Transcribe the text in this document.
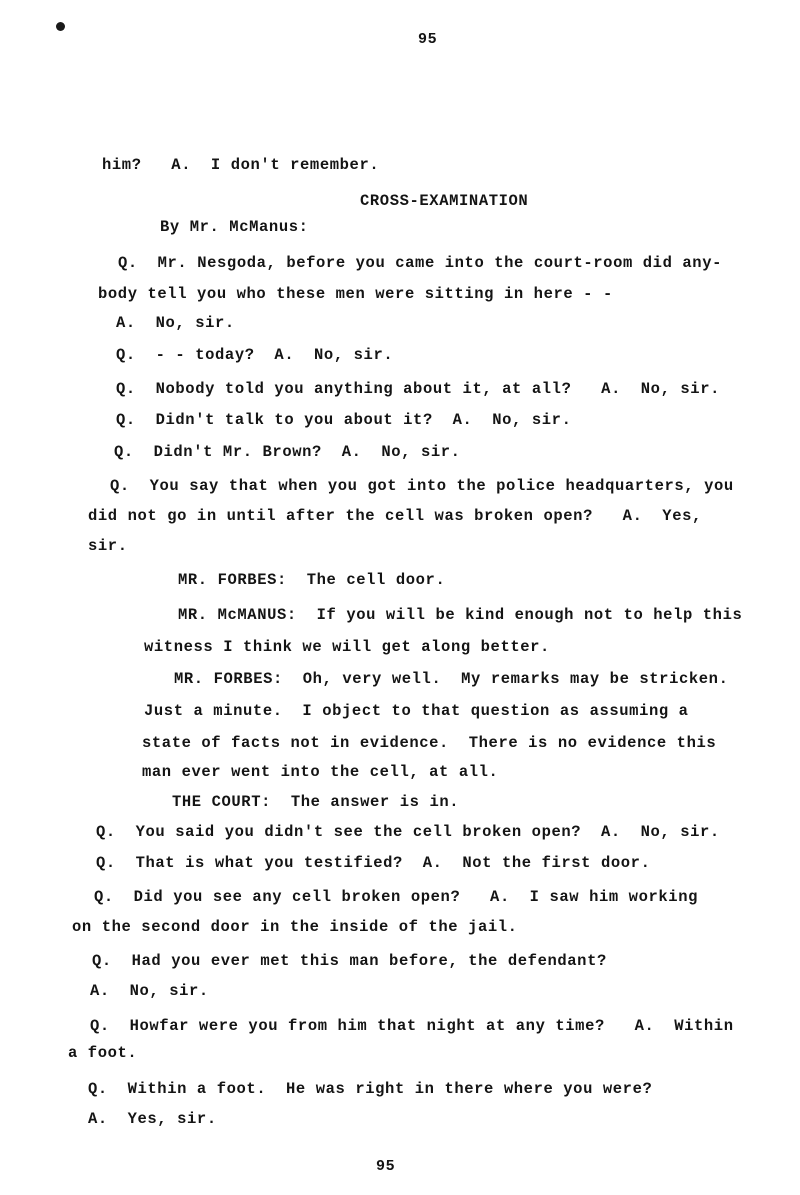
95
him?   A.  I don't remember.
CROSS-EXAMINATION
By Mr. McManus:
Q.  Mr. Nesgoda, before you came into the court-room did any-
body tell you who these men were sitting in here - -
A.  No, sir.
Q.  - - today?  A.  No, sir.
Q.  Nobody told you anything about it, at all?   A.  No, sir.
Q.  Didn't talk to you about it?  A.  No, sir.
Q.  Didn't Mr. Brown?  A.  No, sir.
Q.  You say that when you got into the police headquarters, you
did not go in until after the cell was broken open?   A.  Yes,
sir.
MR. FORBES:  The cell door.
MR. McMANUS:  If you will be kind enough not to help this
witness I think we will get along better.
MR. FORBES:  Oh, very well.  My remarks may be stricken.
Just a minute.  I object to that question as assuming a
state of facts not in evidence.  There is no evidence this
man ever went into the cell, at all.
THE COURT:  The answer is in.
Q.  You said you didn't see the cell broken open?  A.  No, sir.
Q.  That is what you testified?  A.  Not the first door.
Q.  Did you see any cell broken open?   A.  I saw him working
on the second door in the inside of the jail.
Q.  Had you ever met this man before, the defendant?
A.  No, sir.
Q.  Howfar were you from him that night at any time?   A.  Within
a foot.
Q.  Within a foot.  He was right in there where you were?
A.  Yes, sir.
95
